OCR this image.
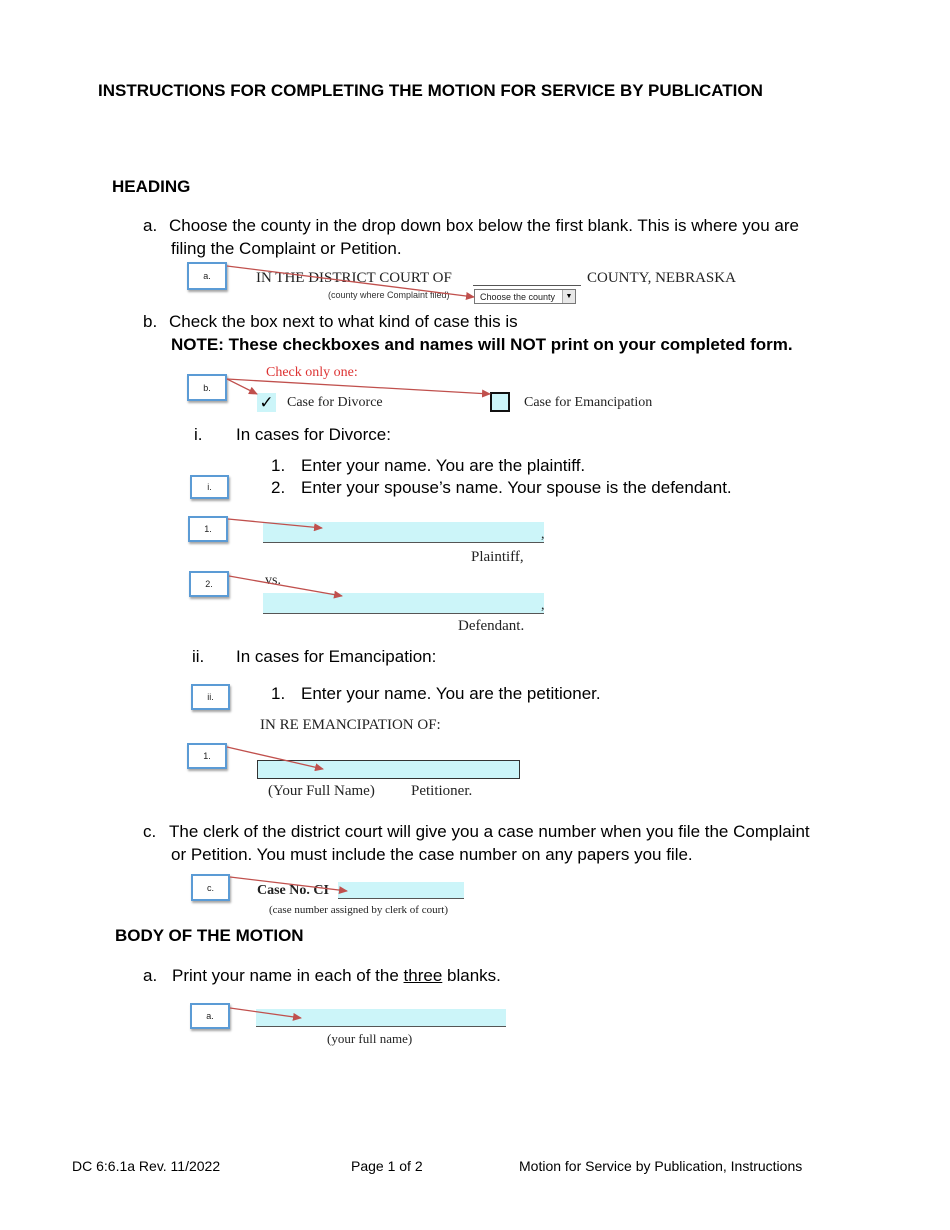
INSTRUCTIONS FOR COMPLETING THE MOTION FOR SERVICE BY PUBLICATION
HEADING
a. Choose the county in the drop down box below the first blank. This is where you are
filing the Complaint or Petition.
a.	IN THE DISTRICT COURT OF	COUNTY, NEBRASKA
(county where Complaint filed)	Choose the county	▼
b. Check the box next to what kind of case this is
NOTE: These checkboxes and names will NOT print on your completed form.
Check only one:
b.
✓ Case for Divorce	Case for Emancipation
i. In cases for Divorce:
1. Enter your name. You are the plaintiff.
2. Enter your spouse’s name. Your spouse is the defendant.
i.
1.	,
Plaintiff,
2.	vs.
,
Defendant.
ii. In cases for Emancipation:
ii.	1. Enter your name. You are the petitioner.
IN RE EMANCIPATION OF:
1.
(Your Full Name) Petitioner.
c. The clerk of the district court will give you a case number when you file the Complaint
or Petition. You must include the case number on any papers you file.
c.	Case No. CI
(case number assigned by clerk of court)
BODY OF THE MOTION
a. Print your name in each of the three blanks.
a.
(your full name)
DC 6:6.1a Rev. 11/2022	Page 1 of 2	Motion for Service by Publication, Instructions
